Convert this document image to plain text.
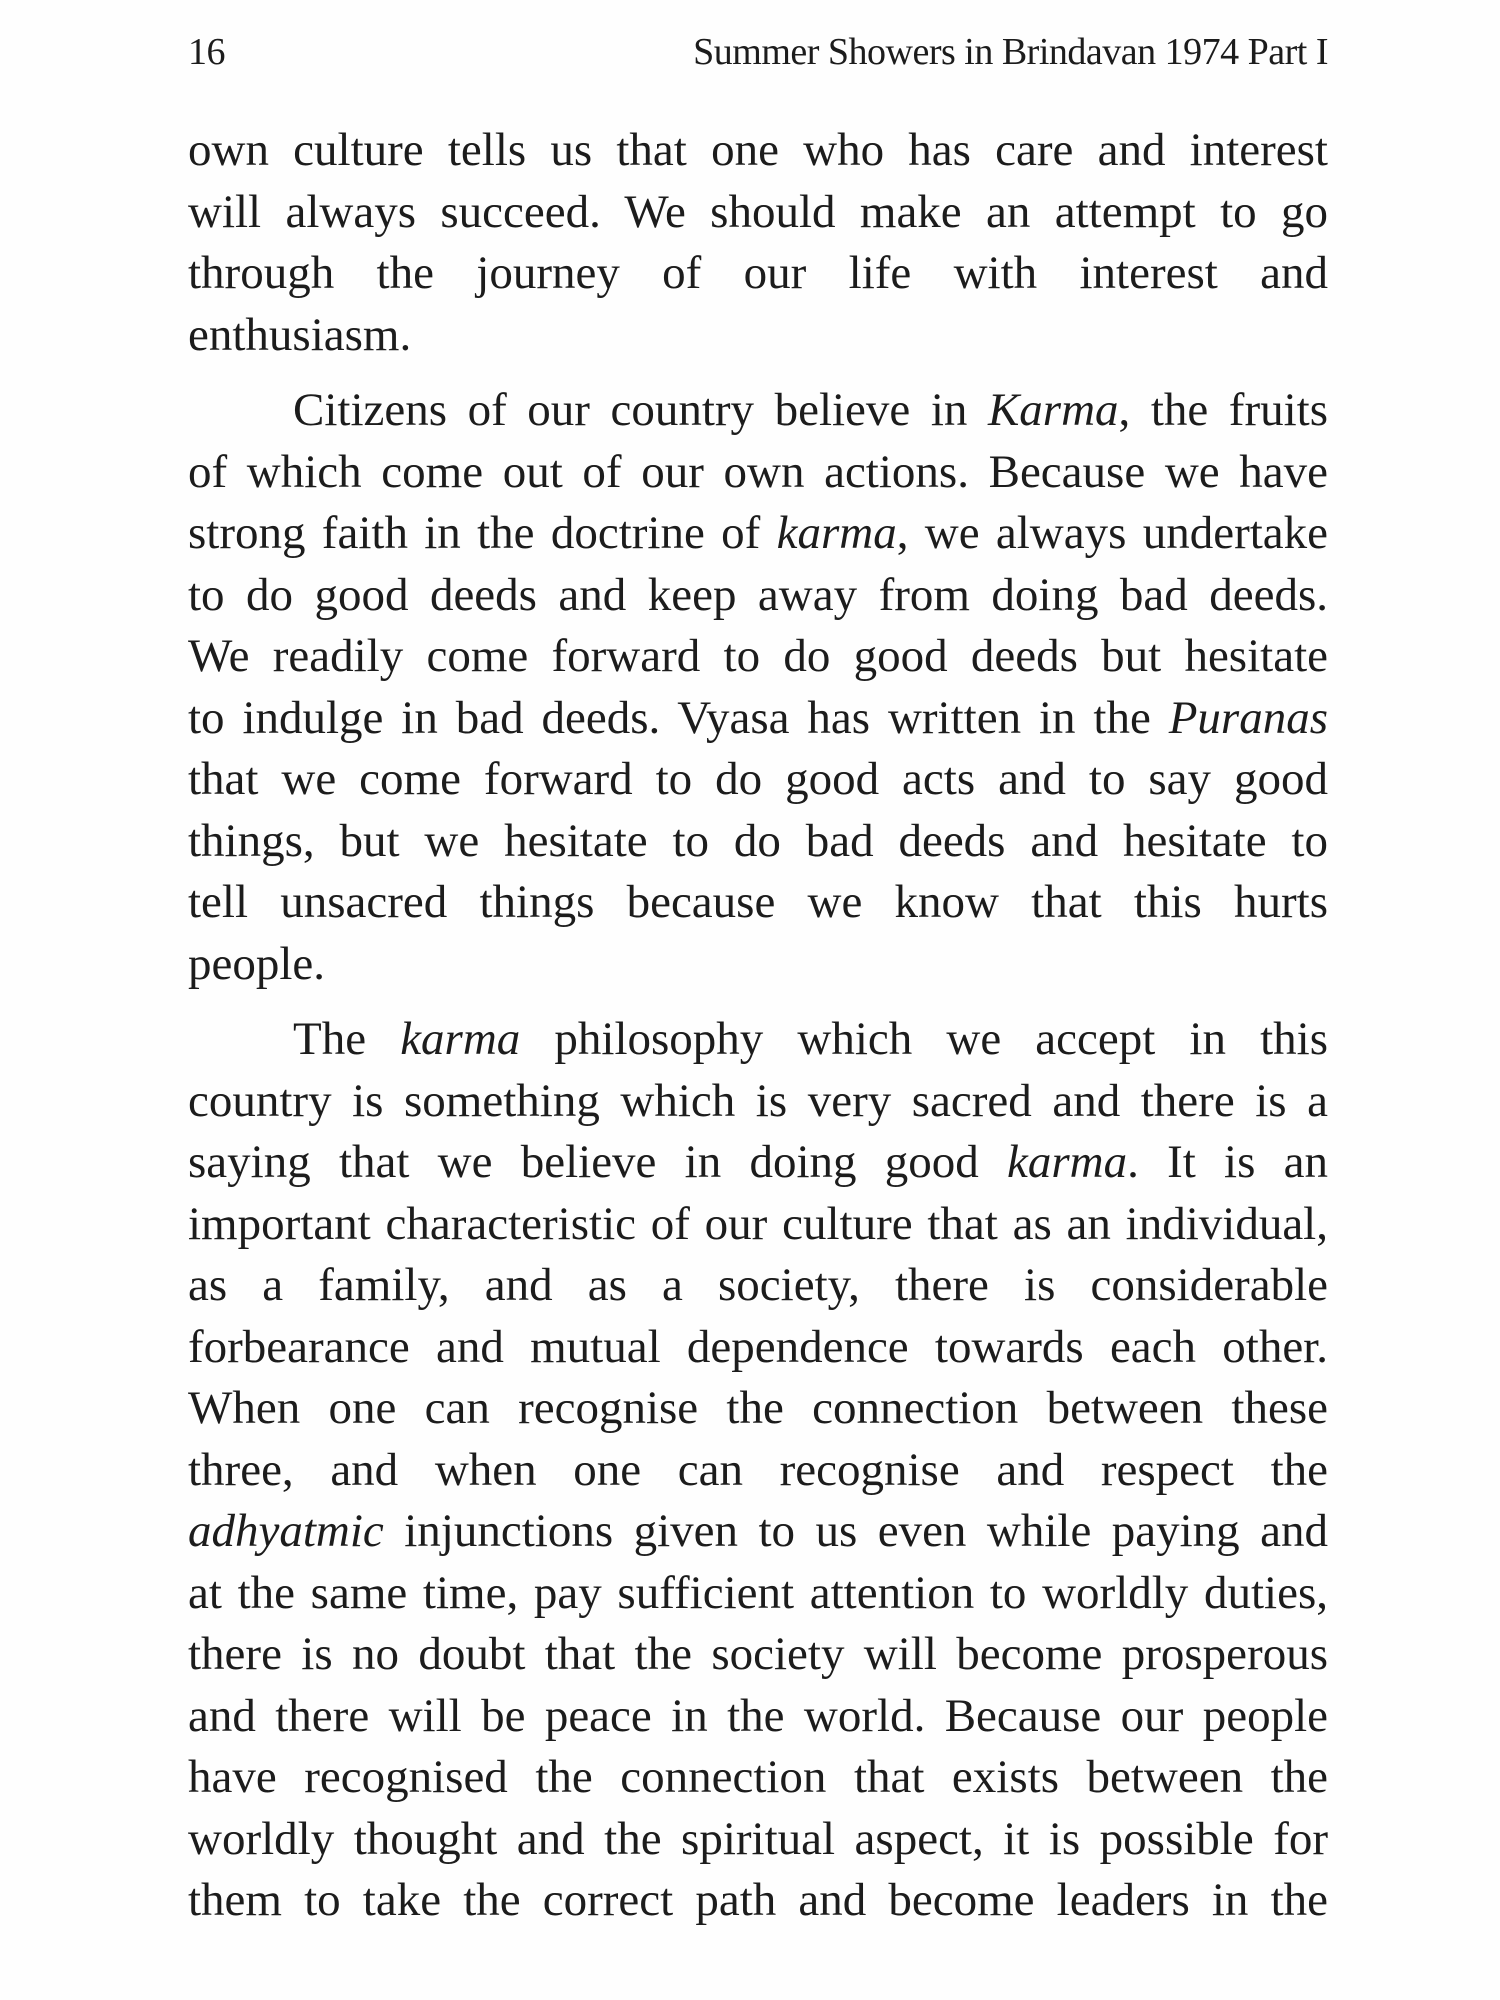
16	Summer Showers in Brindavan 1974 Part I
own culture tells us that one who has care and interest
will always succeed. We should make an attempt to go
through the journey of our life with interest and
enthusiasm.
Citizens of our country believe in Karma, the fruits
of which come out of our own actions. Because we have
strong faith in the doctrine of karma, we always undertake
to do good deeds and keep away from doing bad deeds.
We readily come forward to do good deeds but hesitate
to indulge in bad deeds. Vyasa has written in the Puranas
that we come forward to do good acts and to say good
things, but we hesitate to do bad deeds and hesitate to
tell unsacred things because we know that this hurts
people.
The karma philosophy which we accept in this
country is something which is very sacred and there is a
saying that we believe in doing good karma. It is an
important characteristic of our culture that as an individual,
as a family, and as a society, there is considerable
forbearance and mutual dependence towards each other.
When one can recognise the connection between these
three, and when one can recognise and respect the
adhyatmic injunctions given to us even while paying and
at the same time, pay sufficient attention to worldly duties,
there is no doubt that the society will become prosperous
and there will be peace in the world. Because our people
have recognised the connection that exists between the
worldly thought and the spiritual aspect, it is possible for
them to take the correct path and become leaders in the
